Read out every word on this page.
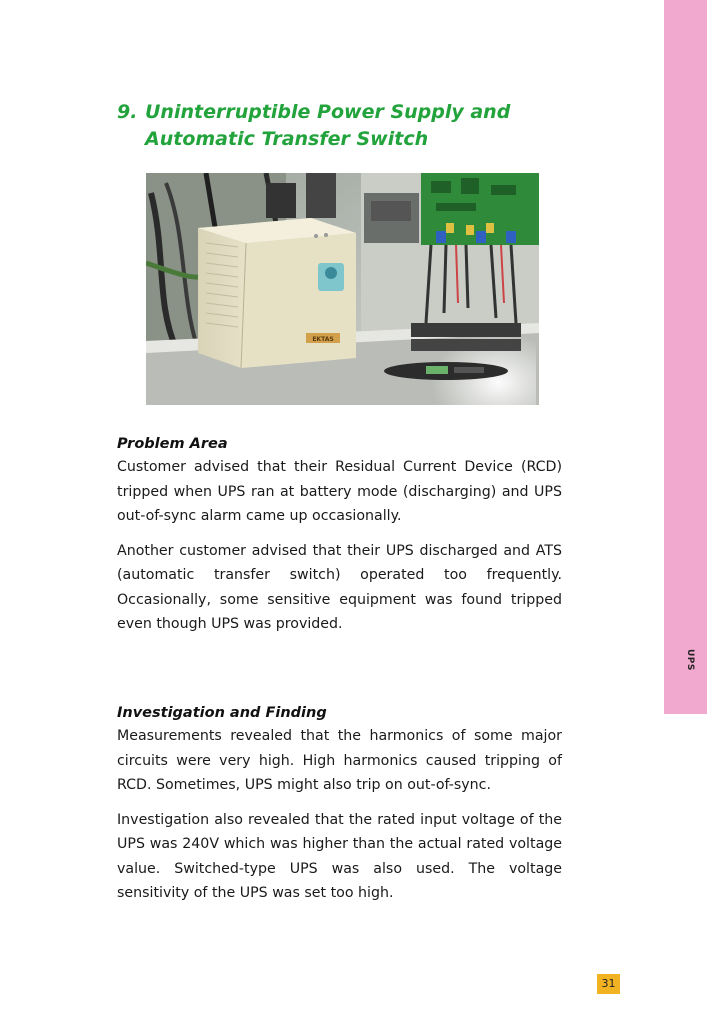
UPS
9. Uninterruptible Power Supply and
Automatic Transfer Switch
EKTAS
Problem Area

Customer advised that their Residual Current Device (RCD) tripped when UPS ran at battery mode (discharging) and UPS out-of-sync alarm came up occasionally.

Another customer advised that their UPS discharged and ATS (automatic transfer switch) operated too frequently. Occasionally, some sensitive equipment was found tripped even though UPS was provided.

Investigation and Finding

Measurements revealed that the harmonics of some major circuits were very high. High harmonics caused tripping of RCD. Sometimes, UPS might also trip on out-of-sync.

Investigation also revealed that the rated input voltage of the UPS was 240V which was higher than the actual rated voltage value. Switched-type UPS was also used. The voltage sensitivity of the UPS was set too high.

31
